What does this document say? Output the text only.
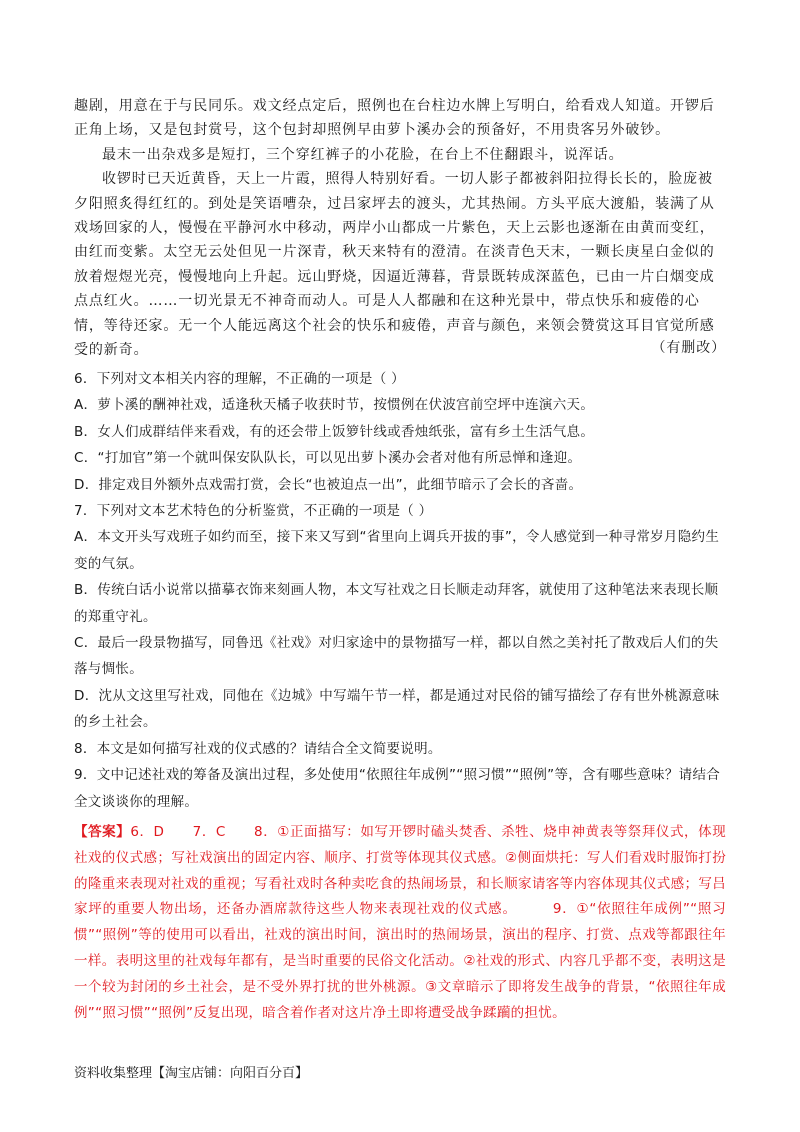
趣剧，用意在于与民同乐。戏文经点定后，照例也在台柱边水牌上写明白，给看戏人知道。开锣后正角上场，又是包封赏号，这个包封却照例早由萝卜溪办会的预备好，不用贵客另外破钞。

最末一出杂戏多是短打，三个穿红裤子的小花脸，在台上不住翻跟斗，说浑话。

收锣时已天近黄昏，天上一片霞，照得人特别好看。一切人影子都被斜阳拉得长长的，脸庞被夕阳照炙得红红的。到处是笑语嘈杂，过吕家坪去的渡头，尤其热闹。方头平底大渡船，装满了从戏场回家的人，慢慢在平静河水中移动，两岸小山都成一片紫色，天上云影也逐渐在由黄而变红，由红而变紫。太空无云处但见一片深青，秋天来特有的澄清。在淡青色天末，一颗长庚星白金似的放着煜煜光亮，慢慢地向上升起。远山野烧，因逼近薄暮，背景既转成深蓝色，已由一片白烟变成点点红火。……一切光景无不神奇而动人。可是人人都融和在这种光景中，带点快乐和疲倦的心情，等待还家。无一个人能远离这个社会的快乐和疲倦，声音与颜色，来领会赞赏这耳目官觉所感受的新奇。	（有删改）

6．下列对文本相关内容的理解，不正确的一项是（ ）

A．萝卜溪的酬神社戏，适逢秋天橘子收获时节，按惯例在伏波宫前空坪中连演六天。

B．女人们成群结伴来看戏，有的还会带上饭箩针线或香烛纸张，富有乡土生活气息。

C．“打加官”第一个就叫保安队队长，可以见出萝卜溪办会者对他有所忌惮和逢迎。

D．排定戏目外额外点戏需打赏，会长“也被迫点一出”，此细节暗示了会长的吝啬。

7．下列对文本艺术特色的分析鉴赏，不正确的一项是（ ）

A．本文开头写戏班子如约而至，接下来又写到“省里向上调兵开拔的事”，令人感觉到一种寻常岁月隐约生变的气氛。

B．传统白话小说常以描摹衣饰来刻画人物，本文写社戏之日长顺走动拜客，就使用了这种笔法来表现长顺的郑重守礼。

C．最后一段景物描写，同鲁迅《社戏》对归家途中的景物描写一样，都以自然之美衬托了散戏后人们的失落与惆怅。

D．沈从文这里写社戏，同他在《边城》中写端午节一样，都是通过对民俗的铺写描绘了存有世外桃源意味的乡土社会。

8．本文是如何描写社戏的仪式感的？请结合全文简要说明。

9．文中记述社戏的筹备及演出过程，多处使用“依照往年成例”“照习惯”“照例”等，含有哪些意味？请结合全文谈谈你的理解。

【答案】6．D　　7．C　　8．①正面描写：如写开锣时磕头焚香、杀牲、烧申神黄表等祭拜仪式，体现社戏的仪式感；写社戏演出的固定内容、顺序、打赏等体现其仪式感。②侧面烘托：写人们看戏时服饰打扮的隆重来表现对社戏的重视；写看社戏时各种卖吃食的热闹场景，和长顺家请客等内容体现其仪式感；写吕家坪的重要人物出场，还备办酒席款待这些人物来表现社戏的仪式感。　　　9．①“依照往年成例”“照习惯”“照例”等的使用可以看出，社戏的演出时间，演出时的热闹场景，演出的程序、打赏、点戏等都跟往年一样。表明这里的社戏每年都有，是当时重要的民俗文化活动。②社戏的形式、内容几乎都不变，表明这是一个较为封闭的乡土社会，是不受外界打扰的世外桃源。③文章暗示了即将发生战争的背景，“依照往年成例”“照习惯”“照例”反复出现，暗含着作者对这片净土即将遭受战争蹂躏的担忧。
资料收集整理【淘宝店铺：向阳百分百】
